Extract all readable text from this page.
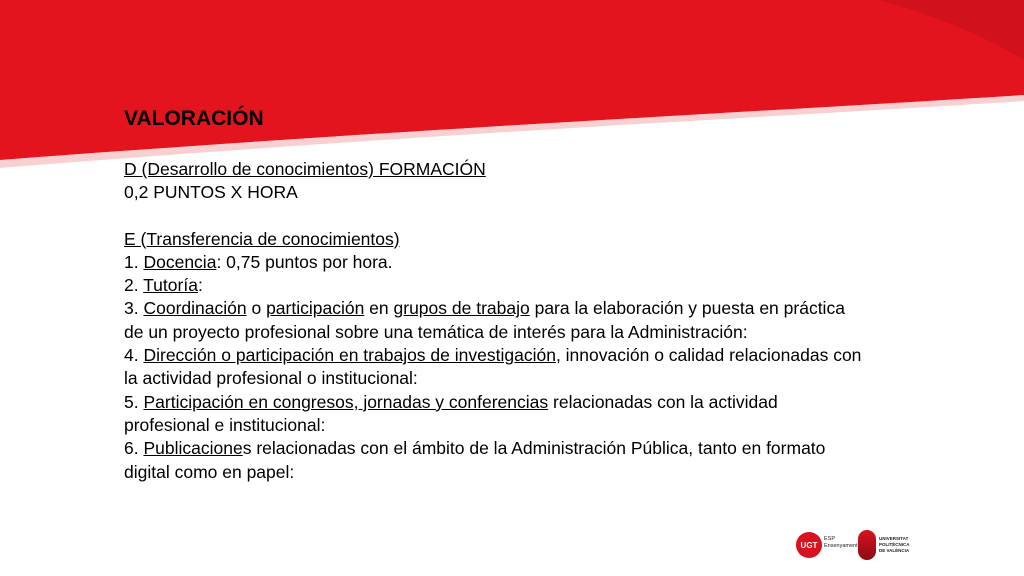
VALORACIÓN
D (Desarrollo de conocimientos) FORMACIÓN
0,2 PUNTOS X HORA
E (Transferencia de conocimientos)
1. Docencia: 0,75 puntos por hora.
2. Tutoría:
3. Coordinación o participación en grupos de trabajo para la elaboración y puesta en práctica de un proyecto profesional sobre una temática de interés para la Administración:
4. Dirección o participación en trabajos de investigación, innovación o calidad relacionadas con la actividad profesional o institucional:
5. Participación en congresos, jornadas y conferencias relacionadas con la actividad profesional e institucional:
6. Publicaciones relacionadas con el ámbito de la Administración Pública, tanto en formato digital como en papel:
UGT
ESP
Ensenyament
UNIVERSITAT
POLITÈCNICA
DE VALÈNCIA
